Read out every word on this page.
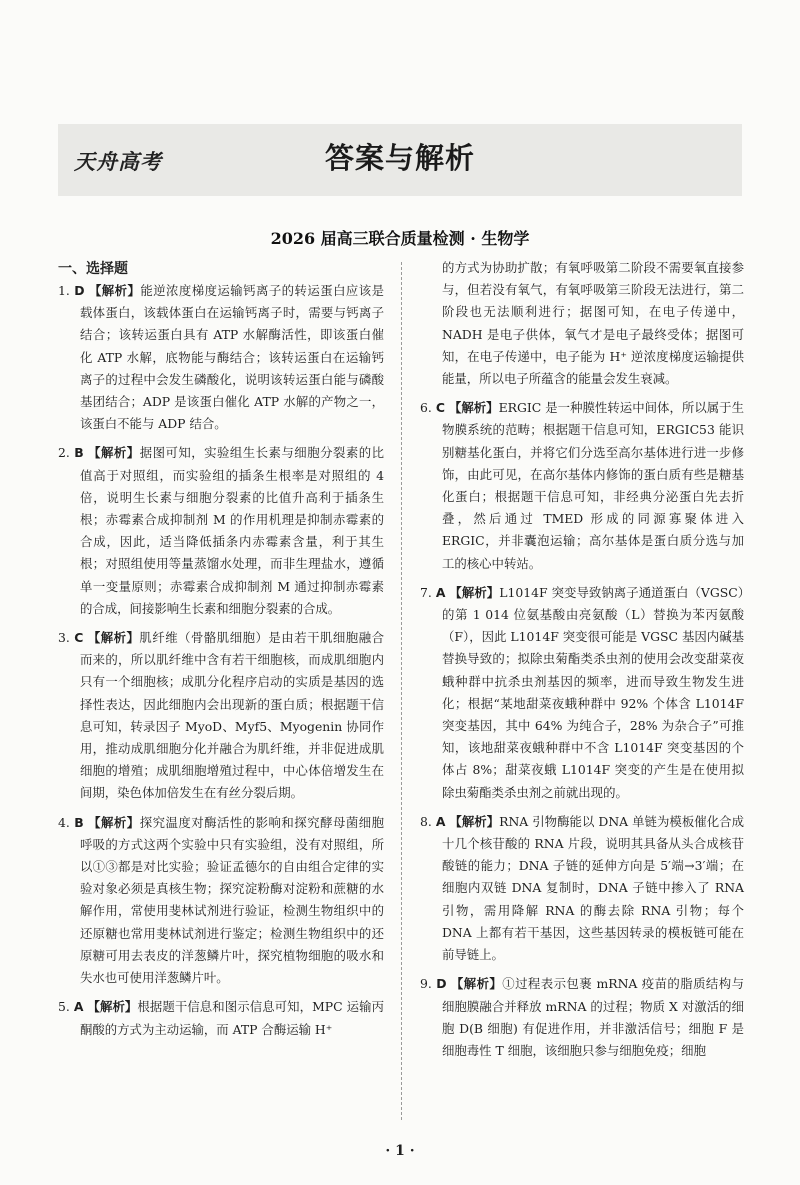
天舟高考	答案与解析
2026 届高三联合质量检测 · 生物学
一、选择题

1. D 【解析】能逆浓度梯度运输钙离子的转运蛋白应该是载体蛋白，该载体蛋白在运输钙离子时，需要与钙离子结合；该转运蛋白具有 ATP 水解酶活性，即该蛋白催化 ATP 水解，底物能与酶结合；该转运蛋白在运输钙离子的过程中会发生磷酸化，说明该转运蛋白能与磷酸基团结合；ADP 是该蛋白催化 ATP 水解的产物之一，该蛋白不能与 ADP 结合。

2. B 【解析】据图可知，实验组生长素与细胞分裂素的比值高于对照组，而实验组的插条生根率是对照组的 4 倍，说明生长素与细胞分裂素的比值升高利于插条生根；赤霉素合成抑制剂 M 的作用机理是抑制赤霉素的合成，因此，适当降低插条内赤霉素含量，利于其生根；对照组使用等量蒸馏水处理，而非生理盐水，遵循单一变量原则；赤霉素合成抑制剂 M 通过抑制赤霉素的合成，间接影响生长素和细胞分裂素的合成。

3. C 【解析】肌纤维（骨骼肌细胞）是由若干肌细胞融合而来的，所以肌纤维中含有若干细胞核，而成肌细胞内只有一个细胞核；成肌分化程序启动的实质是基因的选择性表达，因此细胞内会出现新的蛋白质；根据题干信息可知，转录因子 MyoD、Myf5、Myogenin 协同作用，推动成肌细胞分化并融合为肌纤维，并非促进成肌细胞的增殖；成肌细胞增殖过程中，中心体倍增发生在间期，染色体加倍发生在有丝分裂后期。

4. B 【解析】探究温度对酶活性的影响和探究酵母菌细胞呼吸的方式这两个实验中只有实验组，没有对照组，所以①③都是对比实验；验证孟德尔的自由组合定律的实验对象必须是真核生物；探究淀粉酶对淀粉和蔗糖的水解作用，常使用斐林试剂进行验证，检测生物组织中的还原糖也常用斐林试剂进行鉴定；检测生物组织中的还原糖可用去表皮的洋葱鳞片叶，探究植物细胞的吸水和失水也可使用洋葱鳞片叶。

5. A 【解析】根据题干信息和图示信息可知，MPC 运输丙酮酸的方式为主动运输，而 ATP 合酶运输 H⁺

的方式为协助扩散；有氧呼吸第二阶段不需要氧直接参与，但若没有氧气，有氧呼吸第三阶段无法进行，第二阶段也无法顺利进行；据图可知，在电子传递中，NADH 是电子供体，氧气才是电子最终受体；据图可知，在电子传递中，电子能为 H⁺ 逆浓度梯度运输提供能量，所以电子所蕴含的能量会发生衰减。

6. C 【解析】ERGIC 是一种膜性转运中间体，所以属于生物膜系统的范畴；根据题干信息可知，ERGIC53 能识别糖基化蛋白，并将它们分选至高尔基体进行进一步修饰，由此可见，在高尔基体内修饰的蛋白质有些是糖基化蛋白；根据题干信息可知，非经典分泌蛋白先去折叠，然后通过 TMED 形成的同源寡聚体进入 ERGIC，并非囊泡运输；高尔基体是蛋白质分选与加工的核心中转站。

7. A 【解析】L1014F 突变导致钠离子通道蛋白（VGSC）的第 1 014 位氨基酸由亮氨酸（L）替换为苯丙氨酸（F），因此 L1014F 突变很可能是 VGSC 基因内碱基替换导致的；拟除虫菊酯类杀虫剂的使用会改变甜菜夜蛾种群中抗杀虫剂基因的频率，进而导致生物发生进化；根据“某地甜菜夜蛾种群中 92% 个体含 L1014F 突变基因，其中 64% 为纯合子，28% 为杂合子”可推知，该地甜菜夜蛾种群中不含 L1014F 突变基因的个体占 8%；甜菜夜蛾 L1014F 突变的产生是在使用拟除虫菊酯类杀虫剂之前就出现的。

8. A 【解析】RNA 引物酶能以 DNA 单链为模板催化合成十几个核苷酸的 RNA 片段，说明其具备从头合成核苷酸链的能力；DNA 子链的延伸方向是 5′端→3′端；在细胞内双链 DNA 复制时，DNA 子链中掺入了 RNA 引物，需用降解 RNA 的酶去除 RNA 引物；每个 DNA 上都有若干基因，这些基因转录的模板链可能在前导链上。

9. D 【解析】①过程表示包裹 mRNA 疫苗的脂质结构与细胞膜融合并释放 mRNA 的过程；物质 X 对激活的细胞 D(B 细胞) 有促进作用，并非激活信号；细胞 F 是细胞毒性 T 细胞，该细胞只参与细胞免疫；细胞

· 1 ·
